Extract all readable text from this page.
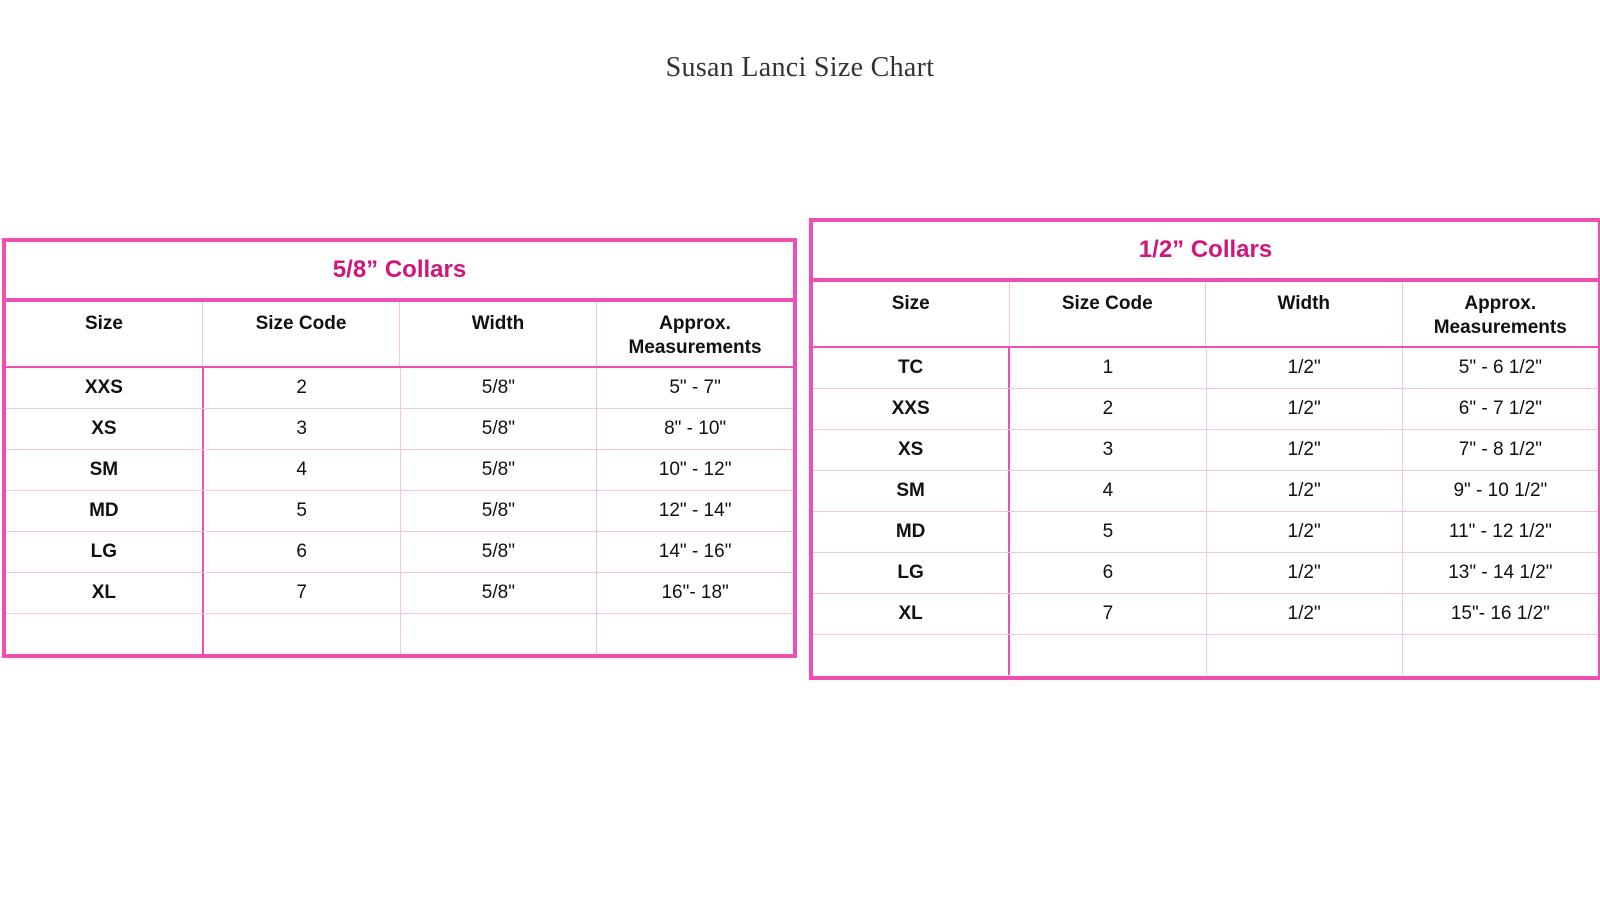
Susan Lanci Size Chart
5/8” Collars
Size	Size Code	Width	Approx.
Measurements
XXS	2	5/8"	5" - 7"
XS	3	5/8"	8" - 10"
SM	4	5/8"	10" - 12"
MD	5	5/8"	12" - 14"
LG	6	5/8"	14" - 16"
XL	7	5/8"	16"- 18"
1/2” Collars
Size	Size Code	Width	Approx.
Measurements
TC	1	1/2"	5" - 6 1/2"
XXS	2	1/2"	6" - 7 1/2"
XS	3	1/2"	7" - 8 1/2"
SM	4	1/2"	9" - 10 1/2"
MD	5	1/2"	11" - 12 1/2"
LG	6	1/2"	13" - 14 1/2"
XL	7	1/2"	15"- 16 1/2"
